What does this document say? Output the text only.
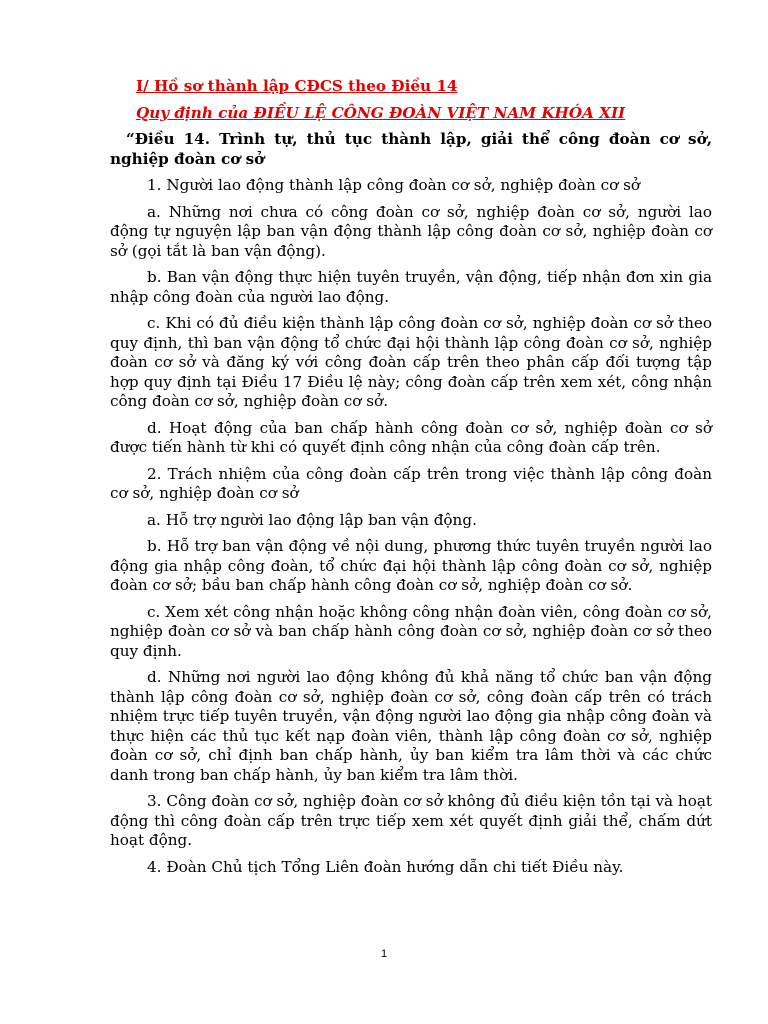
I/ Hồ sơ thành lập CĐCS theo Điều 14

Quy định của ĐIỀU LỆ CÔNG ĐOÀN VIỆT NAM KHÓA XII

“Điều 14. Trình tự, thủ tục thành lập, giải thể công đoàn cơ sở, nghiệp đoàn cơ sở

1. Người lao động thành lập công đoàn cơ sở, nghiệp đoàn cơ sở

a. Những nơi chưa có công đoàn cơ sở, nghiệp đoàn cơ sở, người lao động tự nguyện lập ban vận động thành lập công đoàn cơ sở, nghiệp đoàn cơ sở (gọi tắt là ban vận động).

b. Ban vận động thực hiện tuyên truyền, vận động, tiếp nhận đơn xin gia nhập công đoàn của người lao động.

c. Khi có đủ điều kiện thành lập công đoàn cơ sở, nghiệp đoàn cơ sở theo quy định, thì ban vận động tổ chức đại hội thành lập công đoàn cơ sở, nghiệp đoàn cơ sở và đăng ký với công đoàn cấp trên theo phân cấp đối tượng tập hợp quy định tại Điều 17 Điều lệ này; công đoàn cấp trên xem xét, công nhận công đoàn cơ sở, nghiệp đoàn cơ sở.

d. Hoạt động của ban chấp hành công đoàn cơ sở, nghiệp đoàn cơ sở được tiến hành từ khi có quyết định công nhận của công đoàn cấp trên.

2. Trách nhiệm của công đoàn cấp trên trong việc thành lập công đoàn cơ sở, nghiệp đoàn cơ sở

a. Hỗ trợ người lao động lập ban vận động.

b. Hỗ trợ ban vận động về nội dung, phương thức tuyên truyền người lao động gia nhập công đoàn, tổ chức đại hội thành lập công đoàn cơ sở, nghiệp đoàn cơ sở; bầu ban chấp hành công đoàn cơ sở, nghiệp đoàn cơ sở.

c. Xem xét công nhận hoặc không công nhận đoàn viên, công đoàn cơ sở, nghiệp đoàn cơ sở và ban chấp hành công đoàn cơ sở, nghiệp đoàn cơ sở theo quy định.

d. Những nơi người lao động không đủ khả năng tổ chức ban vận động thành lập công đoàn cơ sở, nghiệp đoàn cơ sở, công đoàn cấp trên có trách nhiệm trực tiếp tuyên truyền, vận động người lao động gia nhập công đoàn và thực hiện các thủ tục kết nạp đoàn viên, thành lập công đoàn cơ sở, nghiệp đoàn cơ sở, chỉ định ban chấp hành, ủy ban kiểm tra lâm thời và các chức danh trong ban chấp hành, ủy ban kiểm tra lâm thời.

3. Công đoàn cơ sở, nghiệp đoàn cơ sở không đủ điều kiện tồn tại và hoạt động thì công đoàn cấp trên trực tiếp xem xét quyết định giải thể, chấm dứt hoạt động.

4. Đoàn Chủ tịch Tổng Liên đoàn hướng dẫn chi tiết Điều này.

1
